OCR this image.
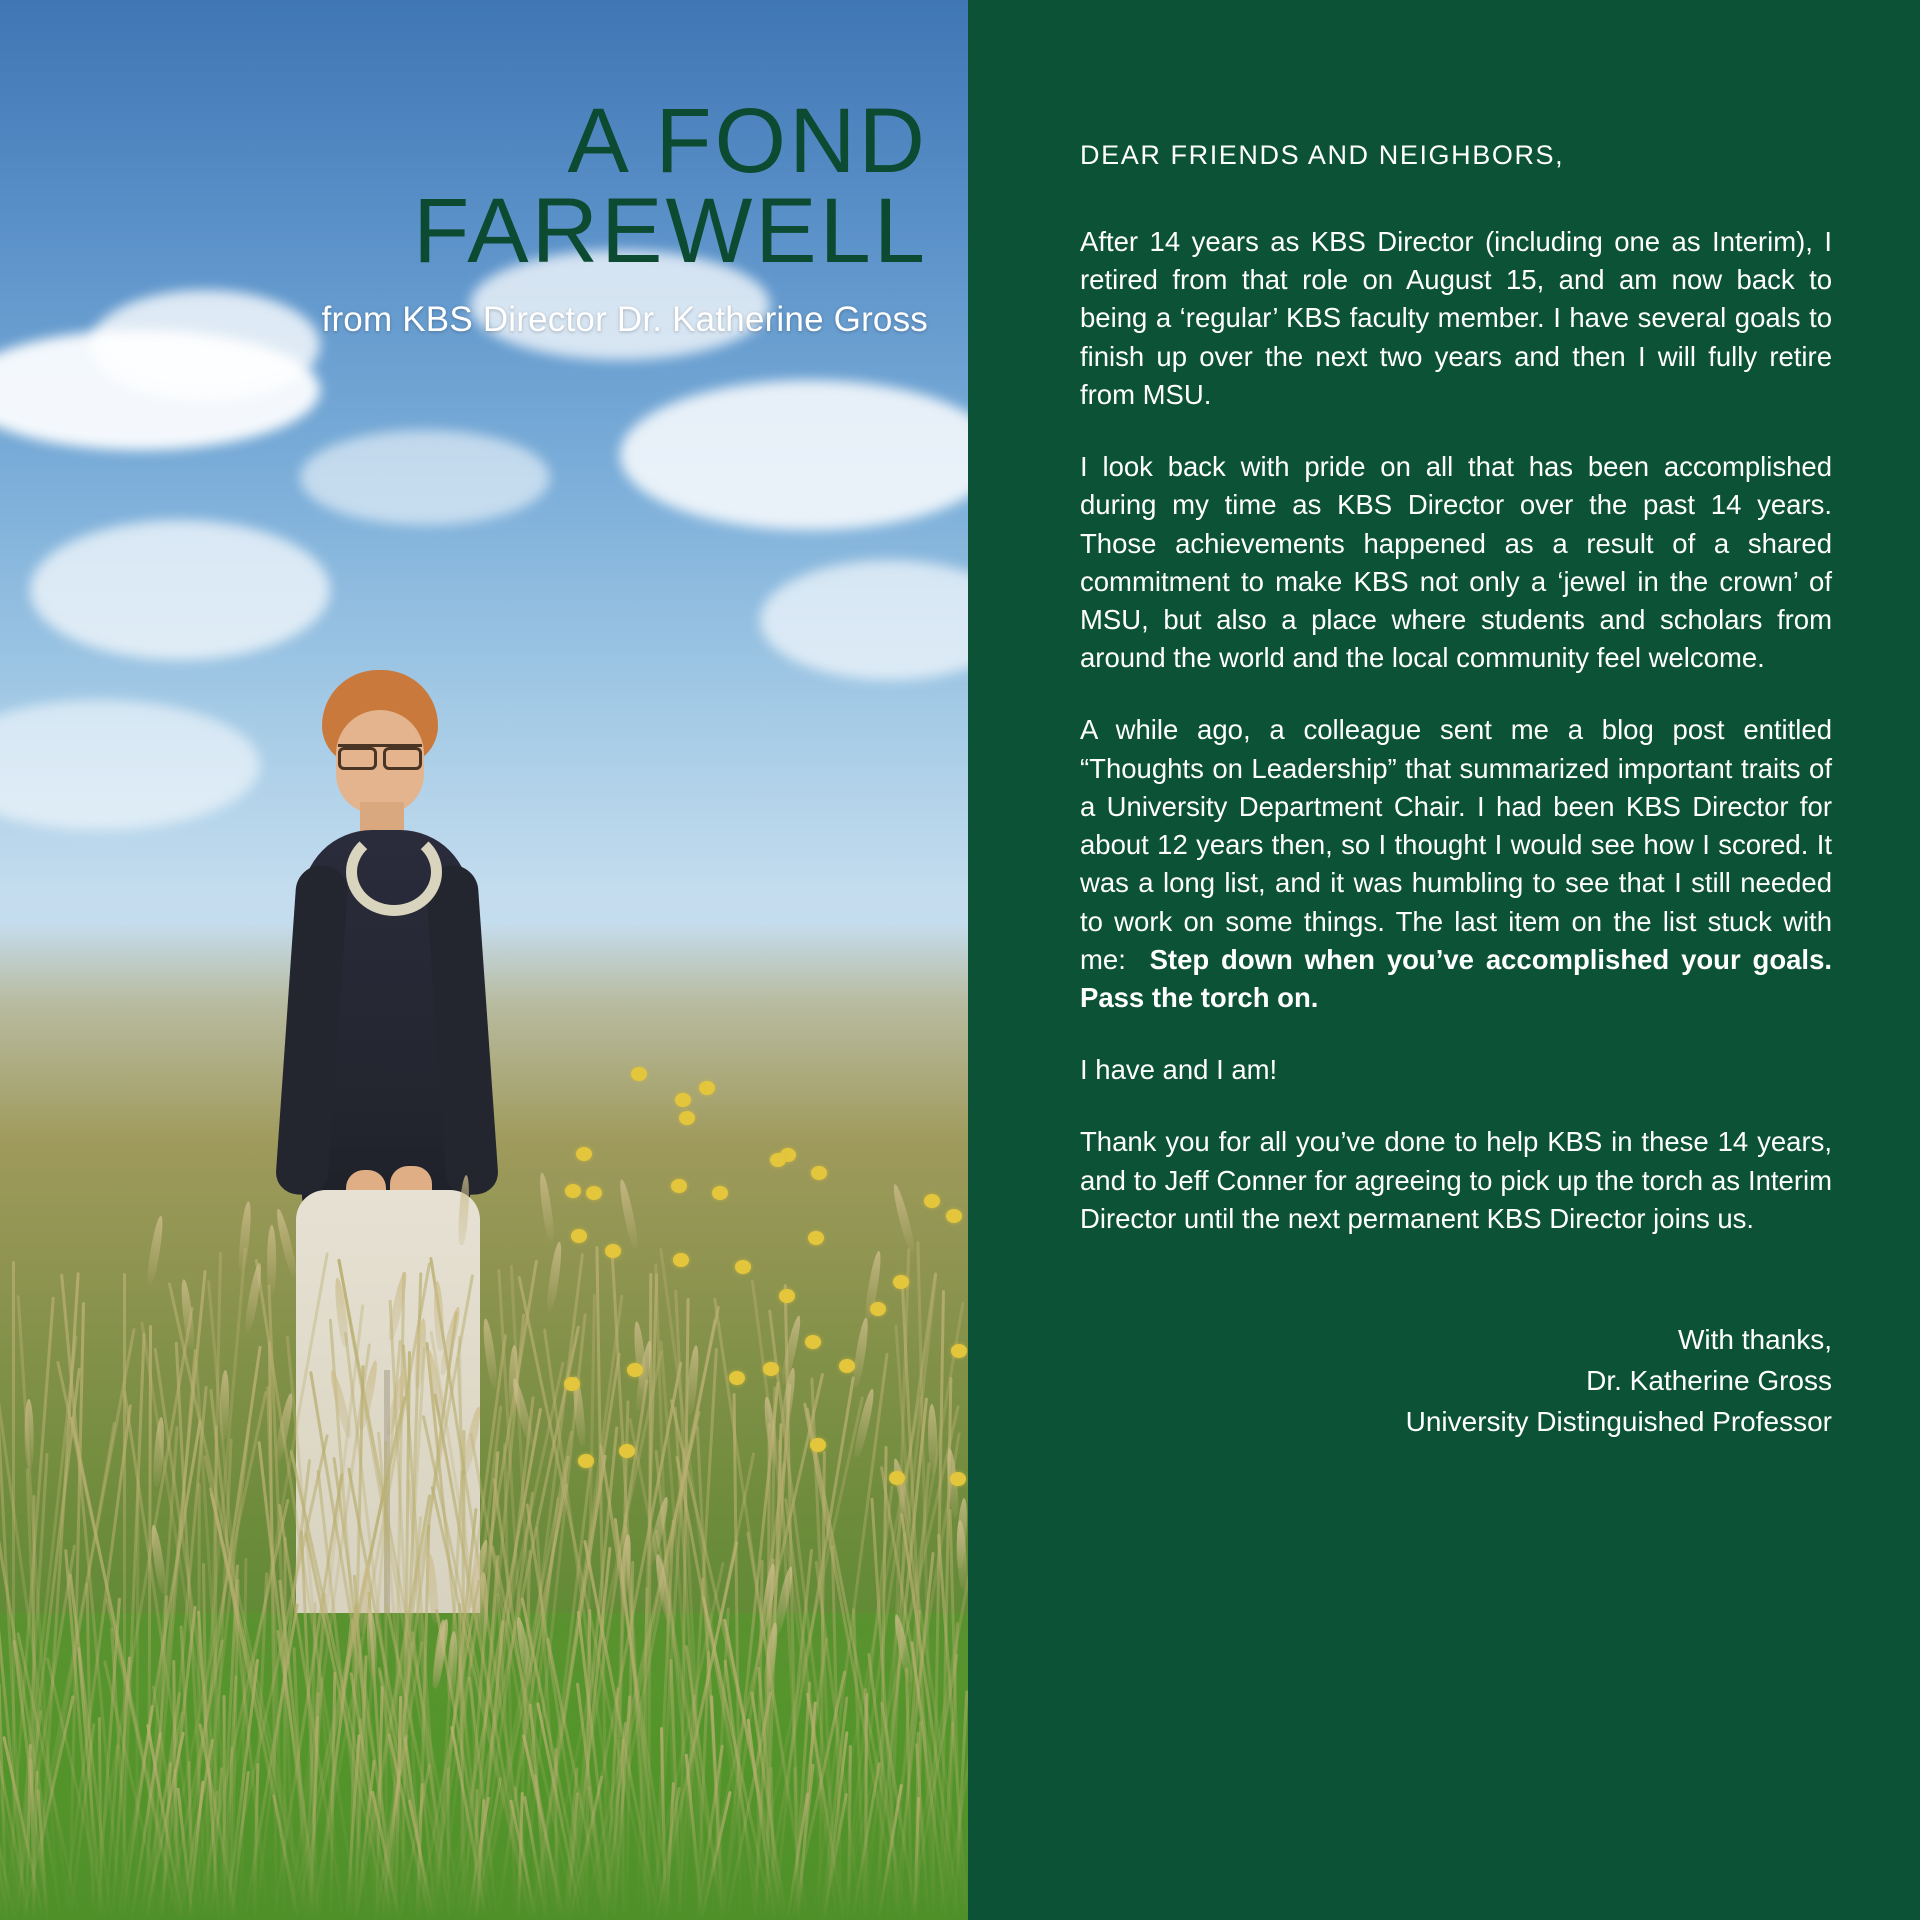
A FOND
FAREWELL
from KBS Director Dr. Katherine Gross
DEAR FRIENDS AND NEIGHBORS,

After 14 years as KBS Director (including one as Interim), I retired from that role on August 15, and am now back to being a ‘regular’ KBS faculty member. I have several goals to finish up over the next two years and then I will fully retire from MSU.

I look back with pride on all that has been accomplished during my time as KBS Director over the past 14 years. Those achievements happened as a result of a shared commitment to make KBS not only a ‘jewel in the crown’ of MSU, but also a place where students and scholars from around the world and the local community feel welcome.

A while ago, a colleague sent me a blog post entitled “Thoughts on Leadership” that summarized important traits of a University Department Chair. I had been KBS Director for about 12 years then, so I thought I would see how I scored. It was a long list, and it was humbling to see that I still needed to work on some things. The last item on the list stuck with me:  Step down when you’ve accomplished your goals. Pass the torch on.

I have and I am!

Thank you for all you’ve done to help KBS in these 14 years, and to Jeff Conner for agreeing to pick up the torch as Interim Director until the next permanent KBS Director joins us.

With thanks,
Dr. Katherine Gross
University Distinguished Professor
